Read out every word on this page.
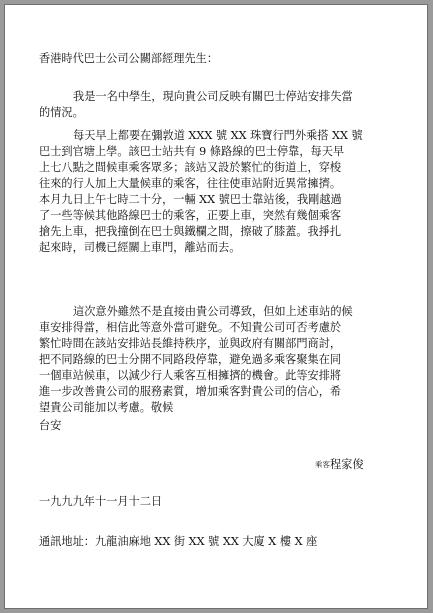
香港時代巴士公司公關部經理先生：
我是一名中學生，現向貴公司反映有關巴士停站安排失當
的情況。
每天早上都要在彌敦道 XXX 號 XX 珠寶行門外乘搭 XX 號
巴士到官塘上學。該巴士站共有 9 條路線的巴士停靠，每天早
上七八點之間候車乘客眾多；該站又設於繁忙的街道上，穿梭
往來的行人加上大量候車的乘客，往往使車站附近異常擁擠。
本月九日上午七時二十分，一輛 XX 號巴士靠站後，我剛越過
了一些等候其他路線巴士的乘客，正要上車，突然有幾個乘客
搶先上車，把我撞倒在巴士與鐵欄之間，擦破了膝蓋。我掙扎
起來時，司機已經關上車門，離站而去。
這次意外雖然不是直接由貴公司導致，但如上述車站的候
車安排得當，相信此等意外當可避免。不知貴公司可否考慮於
繁忙時間在該站安排站長維持秩序，並與政府有關部門商討，
把不同路線的巴士分開不同路段停靠，避免過多乘客聚集在同
一個車站候車，以減少行人乘客互相擁擠的機會。此等安排將
進一步改善貴公司的服務素質，增加乘客對貴公司的信心，希
望貴公司能加以考慮。敬候
台安
乘客程家俊
一九九九年十一月十二日
通訊地址：九龍油麻地 XX 街 XX 號 XX 大廈 X 樓 X 座
